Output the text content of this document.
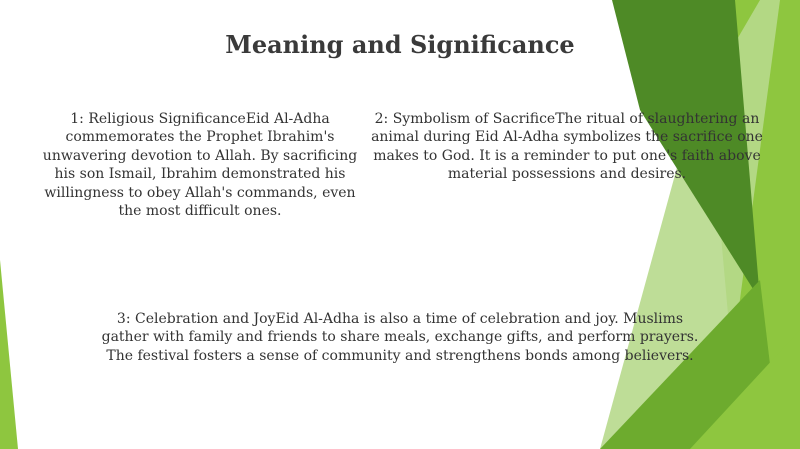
Meaning and Significance
1: Religious SignificanceEid Al-Adha commemorates the Prophet Ibrahim's unwavering devotion to Allah. By sacrificing his son Ismail, Ibrahim demonstrated his willingness to obey Allah's commands, even the most difficult ones.
2: Symbolism of SacrificeThe ritual of slaughtering an animal during Eid Al-Adha symbolizes the sacrifice one makes to God. It is a reminder to put one's faith above material possessions and desires.
3: Celebration and JoyEid Al-Adha is also a time of celebration and joy. Muslims gather with family and friends to share meals, exchange gifts, and perform prayers. The festival fosters a sense of community and strengthens bonds among believers.
